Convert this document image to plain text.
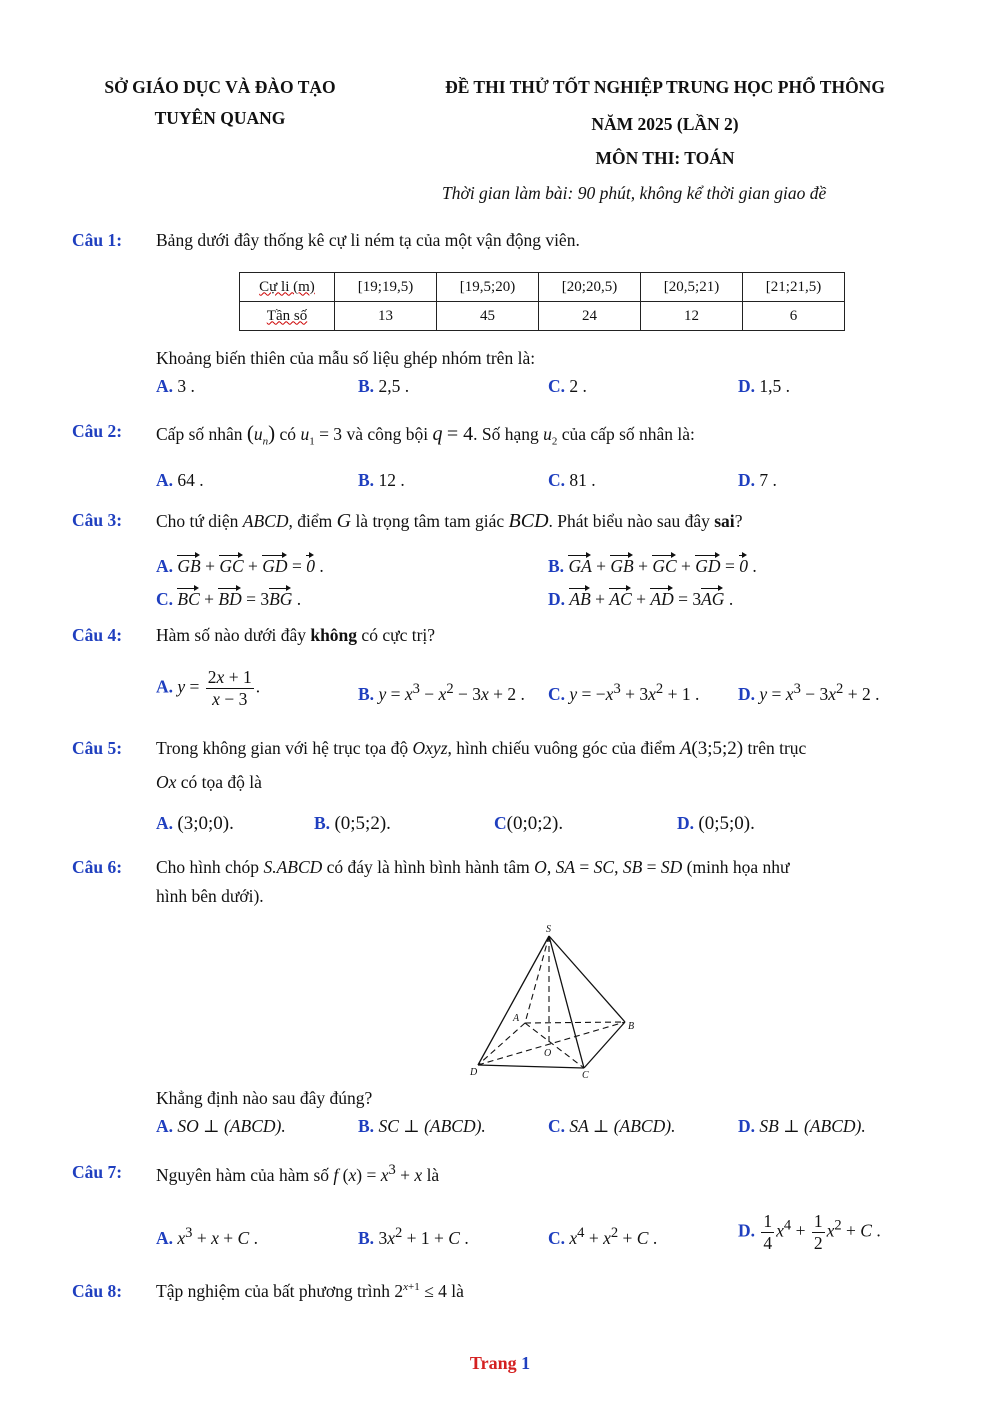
SỞ GIÁO DỤC VÀ ĐÀO TẠO
TUYÊN QUANG
ĐỀ THI THỬ TỐT NGHIỆP TRUNG HỌC PHỔ THÔNG
NĂM 2025 (LẦN 2)
MÔN THI: TOÁN
Thời gian làm bài: 90 phút, không kể thời gian giao đề
Câu 1: Bảng dưới đây thống kê cự li ném tạ của một vận động viên.
Cự li (m)	[19;19,5)	[19,5;20)	[20;20,5)	[20,5;21)	[21;21,5)
Tần số	13	45	24	12	6
Khoảng biến thiên của mẫu số liệu ghép nhóm trên là:
A. 3 .	B. 2,5 .	C. 2 .	D. 1,5 .
Câu 2: Cấp số nhân $(u_n)$ có $u_1 = 3$ và công bội q = 4. Số hạng $u_2$ của cấp số nhân là:
A. 64 .	B. 12 .	C. 81 .	D. 7 .
Câu 3: Cho tứ diện ABCD, điểm G là trọng tâm tam giác BCD. Phát biểu nào sau đây sai?
A. GB + GC + GD = 0 .	B. GA + GB + GC + GD = 0 .
C. BC + BD = 3BG .	D. AB + AC + AD = 3AG .
Câu 4: Hàm số nào dưới đây không có cực trị?
A. $y = \frac{2x + 1}{x - 3}$ .	B. $y = x^3 - x^2 - 3x + 2$ . C. $y = -x^3 + 3x^2 + 1$ . D. $y = x^3 - 3x^2 + 2$ .
Câu 5: Trong không gian với hệ trục tọa độ Oxyz, hình chiếu vuông góc của điểm A(3;5;2) trên trục
Ox có tọa độ là
A. (3;0;0).	B. (0;5;2).	C(0;0;2).	D. (0;5;0).
Câu 6: Cho hình chóp S.ABCD có đáy là hình bình hành tâm O, SA = SC, SB = SD (minh họa như
hình bên dưới).
S
A
B
C
D
O
Khẳng định nào sau đây đúng?
A. SO ⊥ (ABCD).	B. SC ⊥ (ABCD).	C. SA ⊥ (ABCD).	D. SB ⊥ (ABCD).
Câu 7: Nguyên hàm của hàm số f $(x) = x^3 + x$ là
A. $x^3 + x + C$ .	B. $3x^2 + 1 + C$ .	C. $x^4 + x^2 + C$ .	D. $\frac{1}{4} x^4 + \frac{1}{2} x^2 + C$ .
Câu 8: Tập nghiệm của bất phương trình $2^{x+1} \le 4$ là
Trang 1
